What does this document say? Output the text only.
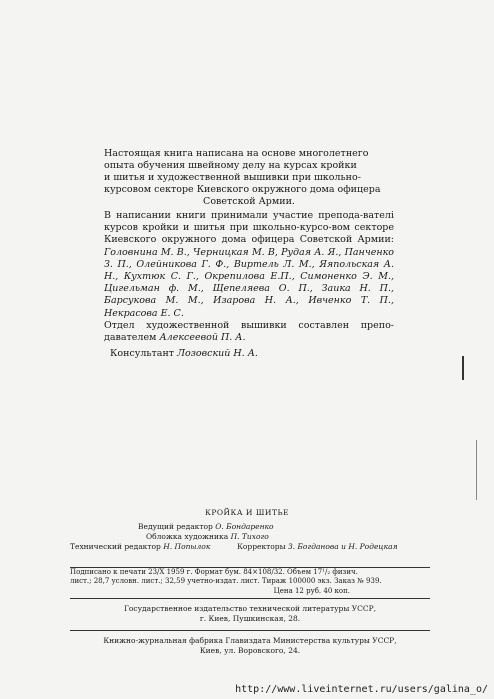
Настоящая книга написана на основе многолетнего

опыта обучения швейному делу на курсах кройки

и шитья и художественной вышивки при школьно-

курсовом секторе Киевского окружного дома офицера

Советской Армии.

В написании книги принимали участие препода-вателі курсов кройки и шитья при школьно-курсо-вом секторе Киевского окружного дома офицера Советской Армии: Головнина М. В., Черницкая М. В, Рудая А. Я., Панченко З. П., Олейникова Г. Ф., Виртель Л. М., Яяпольская А. Н., Кухтюк С. Г., Окрепилова Е.П., Симоненко Э. М., Цигельман ф. М., Щепеляева О. П., Заика Н. П., Барсукова М. М., Изарова Н. А., Ивченко Т. П., Некрасова Е. С.
Отдел художественной вышивки составлен препо-давателем Алексеевой П. А.
Консультант Лозовский Н. А.
КРОЙКА И ШИТЬЕ
Ведущий редактор О. Бондаренко
Обложка художника П. Тихого
Технический редактор Н. Попылок	Корректоры З. Богданова и Н. Родецкая
Подписано к печати 23/X 1959 г. Формат бум. 84×108/32. Объем 17¹/₂ физич.
лист.; 28,7 условн. лист.; 32,59 учетно-издат. лист. Тираж 100000 экз. Заказ № 939.
Цена 12 руб. 40 коп.
Государственное издательство технической литературы УССР,
г. Киев, Пушкинская, 28.
Книжно-журнальная фабрика Главиздата Министерства культуры УССР,
Киев, ул. Воровского, 24.
http://www.liveinternet.ru/users/galina_o/
